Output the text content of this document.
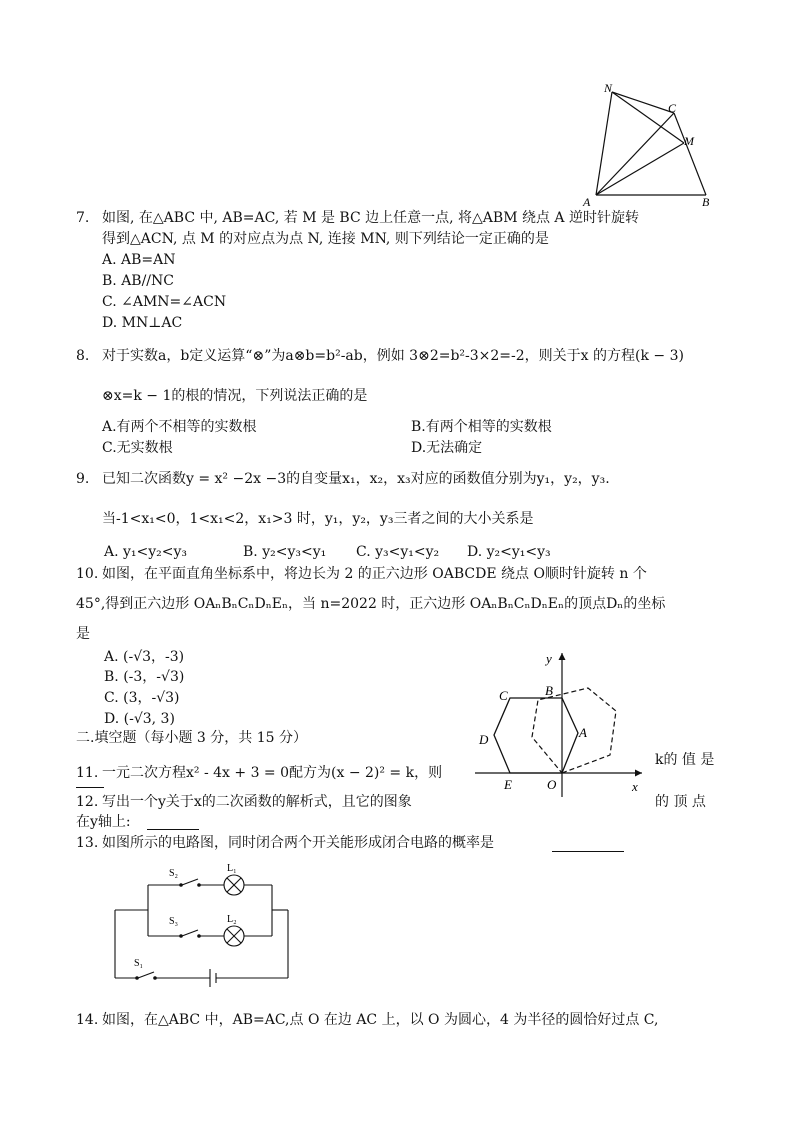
N
C
M
A	B
7. 如图, 在△ABC 中, AB=AC, 若 M 是 BC 边上任意一点, 将△ABM 绕点 A 逆时针旋转
得到△ACN, 点 M 的对应点为点 N, 连接 MN, 则下列结论一定正确的是
A. AB=AN
B. AB//NC
C. ∠AMN=∠ACN
D. MN⊥AC
8. 对于实数a，b定义运算“⊗”为a⊗b=b²-ab，例如 3⊗2=b²-3×2=-2，则关于x 的方程(k − 3)
⊗x=k − 1的根的情况，下列说法正确的是
A.有两个不相等的实数根	B.有两个相等的实数根
C.无实数根	D.无法确定
9. 已知二次函数y = x² −2x −3的自变量x₁，x₂，x₃对应的函数值分别为y₁，y₂，y₃.
当-1<x₁<0，1<x₁<2，x₁>3 时，y₁，y₂，y₃三者之间的大小关系是
A. y₁<y₂<y₃	B. y₂<y₃<y₁ C. y₃<y₁<y₂ D. y₂<y₁<y₃
10. 如图，在平面直角坐标系中，将边长为 2 的正六边形 OABCDE 绕点 O顺时针旋转 n 个
45°,得到正六边形 OAₙBₙCₙDₙEₙ，当 n=2022 时，正六边形 OAₙBₙCₙDₙEₙ的顶点Dₙ的坐标
是
A. (-√3，-3)
B. (-3，-√3)
C. (3，-√3)
D. (-√3, 3)
y
C	B
D	A
E	O	x
二.填空题（每小题 3 分，共 15 分）
11. 一元二次方程x² - 4x + 3 = 0配方为(x − 2)² = k，则
k的 值 是
12. 写出一个y关于x的二次函数的解析式，且它的图象	的 顶 点
在y轴上:
13. 如图所示的电路图，同时闭合两个开关能形成闭合电路的概率是
S₂	L₁
S₃	L₂
S₁
14. 如图，在△ABC 中，AB=AC,点 O 在边 AC 上，以 O 为圆心，4 为半径的圆恰好过点 C,
